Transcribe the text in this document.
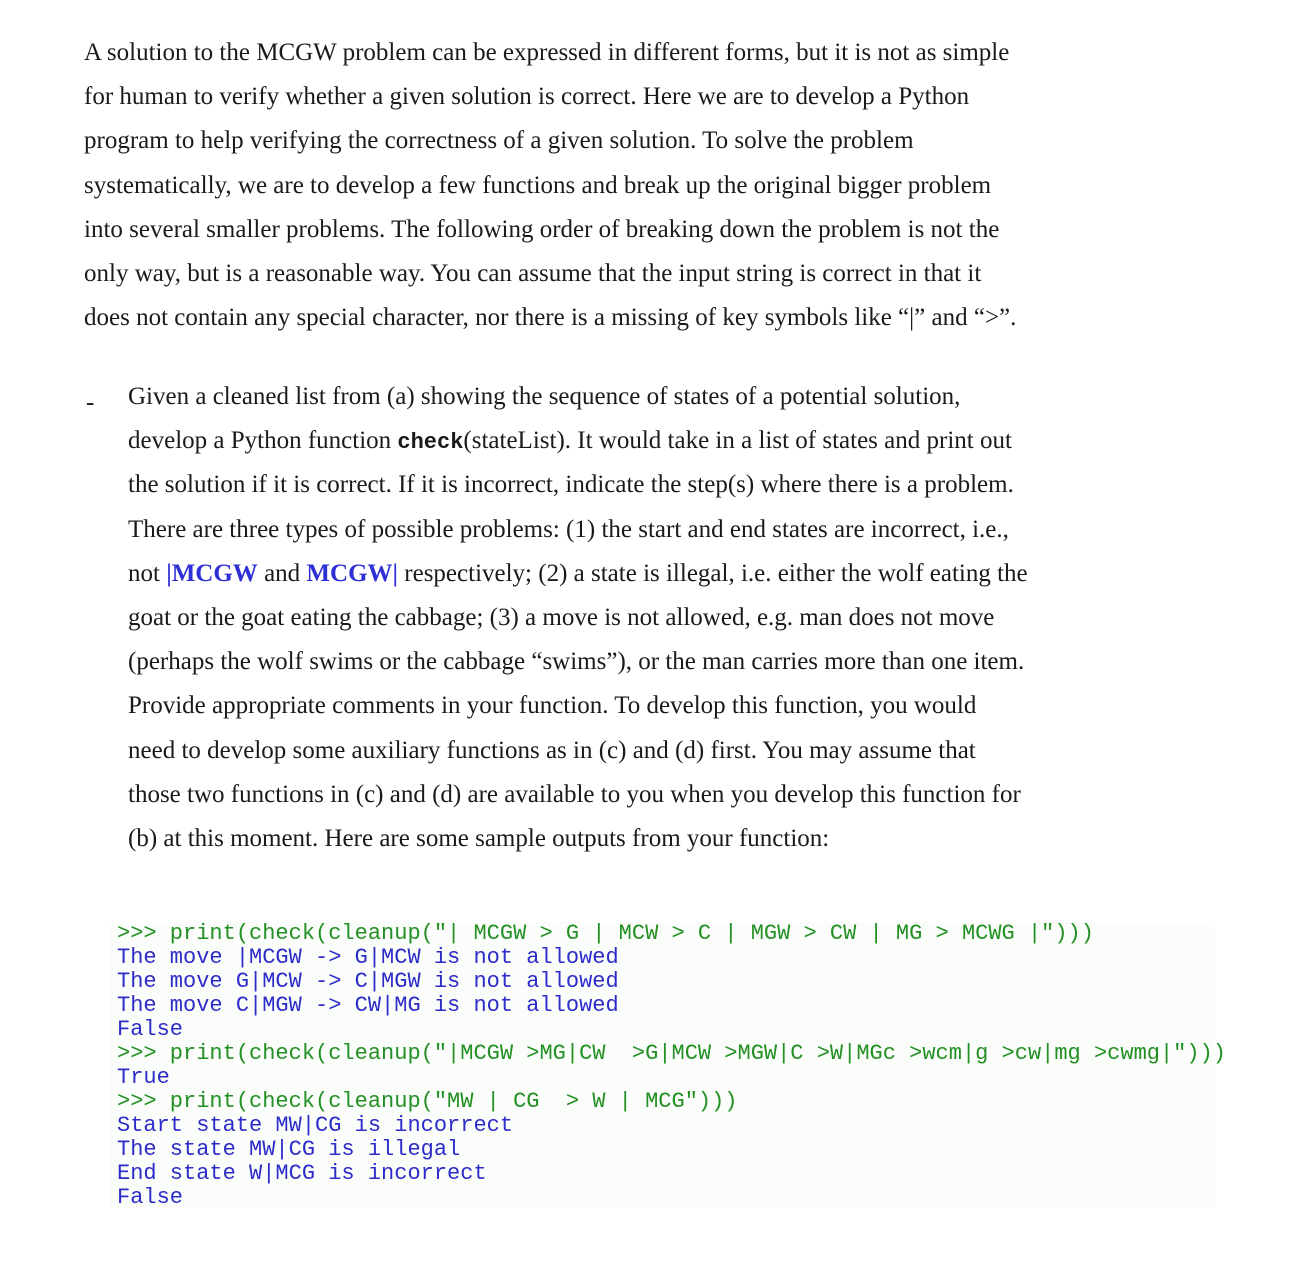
A solution to the MCGW problem can be expressed in different forms, but it is not as simple
for human to verify whether a given solution is correct. Here we are to develop a Python
program to help verifying the correctness of a given solution. To solve the problem
systematically, we are to develop a few functions and break up the original bigger problem
into several smaller problems. The following order of breaking down the problem is not the
only way, but is a reasonable way. You can assume that the input string is correct in that it
does not contain any special character, nor there is a missing of key symbols like “|” and “>”.
- Given a cleaned list from (a) showing the sequence of states of a potential solution,
develop a Python function check(stateList). It would take in a list of states and print out
the solution if it is correct. If it is incorrect, indicate the step(s) where there is a problem.
There are three types of possible problems: (1) the start and end states are incorrect, i.e.,
not |MCGW and MCGW| respectively; (2) a state is illegal, i.e. either the wolf eating the
goat or the goat eating the cabbage; (3) a move is not allowed, e.g. man does not move
(perhaps the wolf swims or the cabbage “swims”), or the man carries more than one item.
Provide appropriate comments in your function. To develop this function, you would
need to develop some auxiliary functions as in (c) and (d) first. You may assume that
those two functions in (c) and (d) are available to you when you develop this function for
(b) at this moment. Here are some sample outputs from your function:
>>> print(check(cleanup("| MCGW > G | MCW > C | MGW > CW | MG > MCWG |")))
The move |MCGW -> G|MCW is not allowed
The move G|MCW -> C|MGW is not allowed
The move C|MGW -> CW|MG is not allowed
False
>>> print(check(cleanup("|MCGW >MG|CW  >G|MCW >MGW|C >W|MGc >wcm|g >cw|mg >cwmg|")))
True
>>> print(check(cleanup("MW | CG  > W | MCG")))
Start state MW|CG is incorrect
The state MW|CG is illegal
End state W|MCG is incorrect
False
